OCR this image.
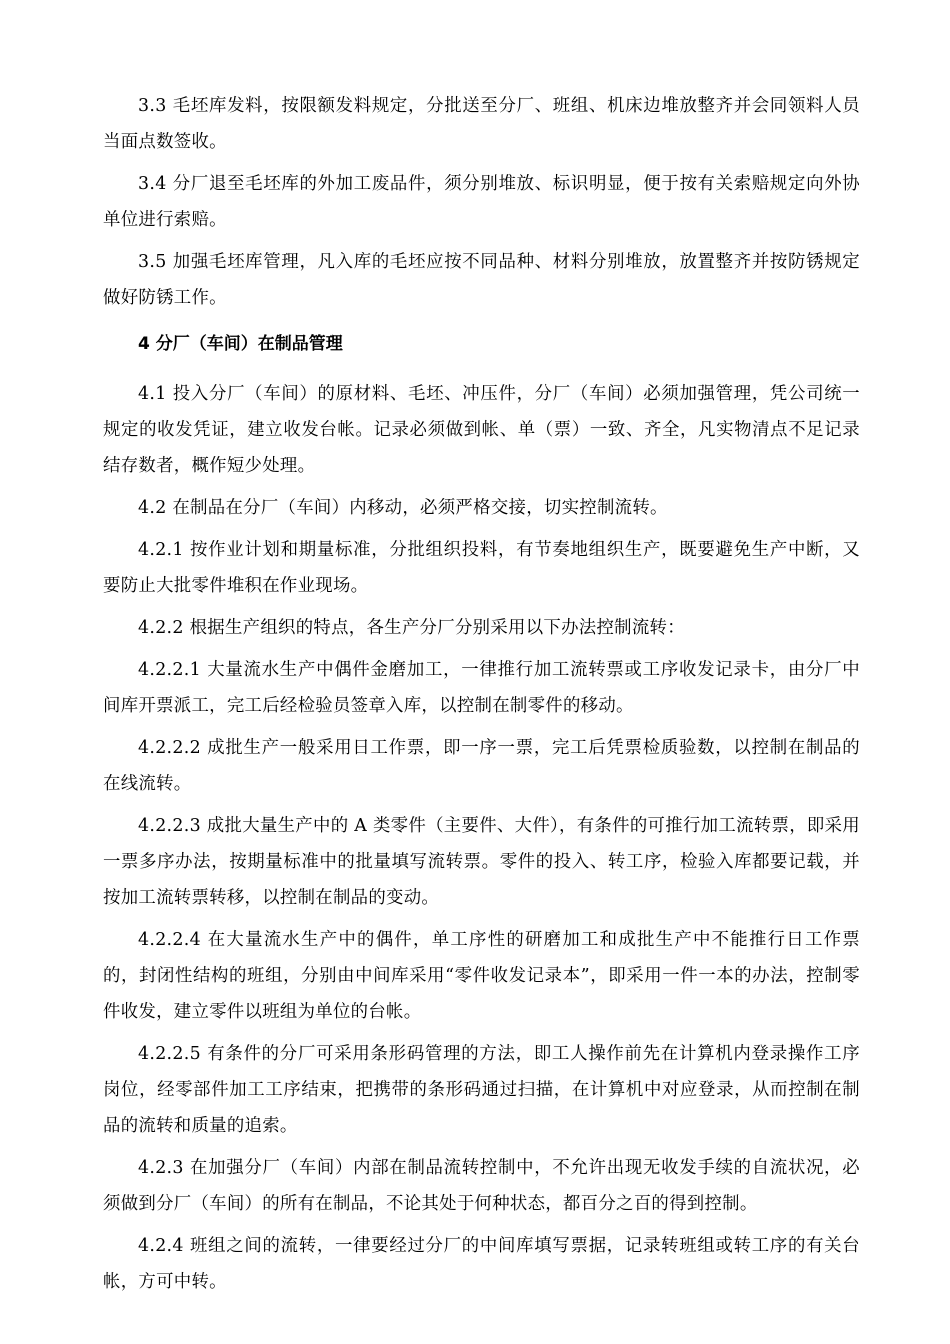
3.3 毛坯库发料，按限额发料规定，分批送至分厂、班组、机床边堆放整齐并会同领料人员当面点数签收。

3.4 分厂退至毛坯库的外加工废品件，须分别堆放、标识明显，便于按有关索赔规定向外协单位进行索赔。

3.5 加强毛坯库管理，凡入库的毛坯应按不同品种、材料分别堆放，放置整齐并按防锈规定做好防锈工作。

4 分厂（车间）在制品管理

4.1 投入分厂（车间）的原材料、毛坯、冲压件，分厂（车间）必须加强管理，凭公司统一规定的收发凭证，建立收发台帐。记录必须做到帐、单（票）一致、齐全，凡实物清点不足记录结存数者，概作短少处理。

4.2 在制品在分厂（车间）内移动，必须严格交接，切实控制流转。

4.2.1 按作业计划和期量标准，分批组织投料，有节奏地组织生产，既要避免生产中断，又要防止大批零件堆积在作业现场。

4.2.2 根据生产组织的特点，各生产分厂分别采用以下办法控制流转：

4.2.2.1 大量流水生产中偶件金磨加工，一律推行加工流转票或工序收发记录卡，由分厂中间库开票派工，完工后经检验员签章入库，以控制在制零件的移动。

4.2.2.2 成批生产一般采用日工作票，即一序一票，完工后凭票检质验数，以控制在制品的在线流转。

4.2.2.3 成批大量生产中的 A 类零件（主要件、大件），有条件的可推行加工流转票，即采用一票多序办法，按期量标准中的批量填写流转票。零件的投入、转工序，检验入库都要记载，并按加工流转票转移，以控制在制品的变动。

4.2.2.4 在大量流水生产中的偶件，单工序性的研磨加工和成批生产中不能推行日工作票的，封闭性结构的班组，分别由中间库采用“零件收发记录本”，即采用一件一本的办法，控制零件收发，建立零件以班组为单位的台帐。

4.2.2.5 有条件的分厂可采用条形码管理的方法，即工人操作前先在计算机内登录操作工序岗位，经零部件加工工序结束，把携带的条形码通过扫描，在计算机中对应登录，从而控制在制品的流转和质量的追索。

4.2.3 在加强分厂（车间）内部在制品流转控制中，不允许出现无收发手续的自流状况，必须做到分厂（车间）的所有在制品，不论其处于何种状态，都百分之百的得到控制。

4.2.4 班组之间的流转，一律要经过分厂的中间库填写票据，记录转班组或转工序的有关台帐，方可中转。
